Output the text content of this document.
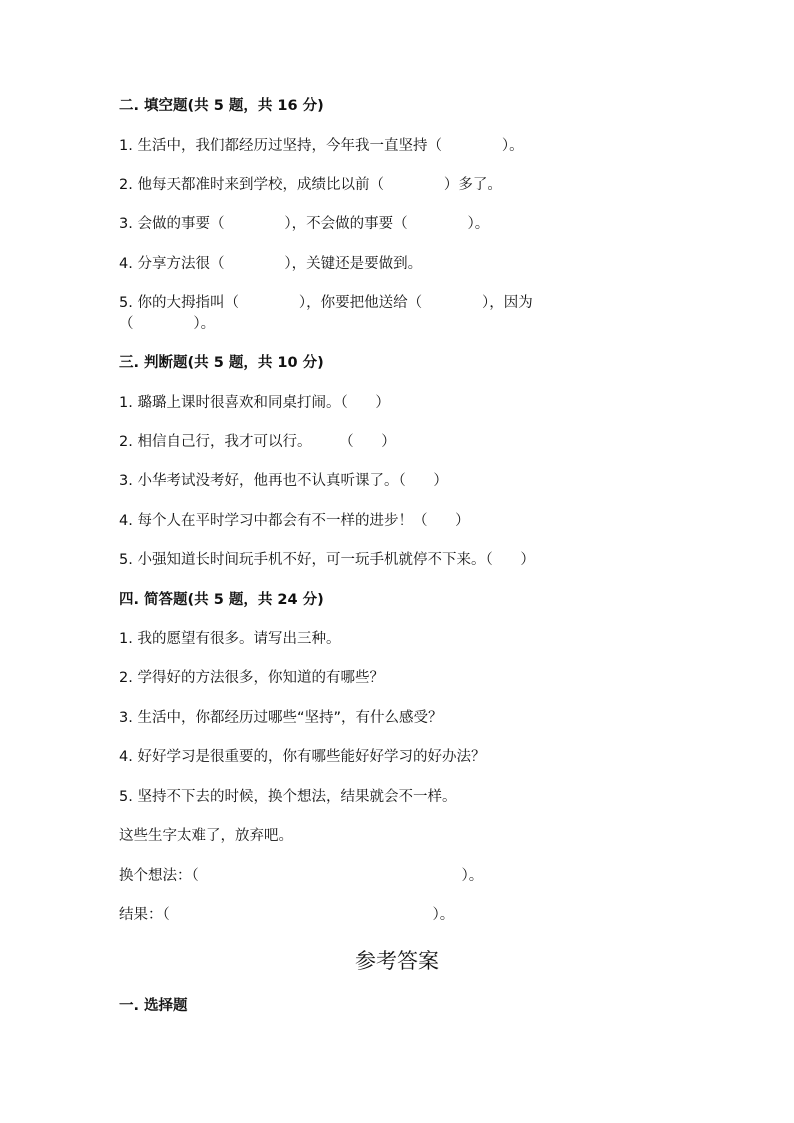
二. 填空题(共 5 题，共 16 分)
1. 生活中，我们都经历过坚持，今年我一直坚持（             ）。
2. 他每天都准时来到学校，成绩比以前（             ）多了。
3. 会做的事要（             ），不会做的事要（             ）。
4. 分享方法很（             ），关键还是要做到。
5. 你的大拇指叫（             ），你要把他送给（             ），因为
（             ）。
三. 判断题(共 5 题，共 10 分)
1. 璐璐上课时很喜欢和同桌打闹。（      ）
2. 相信自己行，我才可以行。      （      ）
3. 小华考试没考好，他再也不认真听课了。（      ）
4. 每个人在平时学习中都会有不一样的进步！（      ）
5. 小强知道长时间玩手机不好，可一玩手机就停不下来。（      ）
四. 简答题(共 5 题，共 24 分)
1. 我的愿望有很多。请写出三种。
2. 学得好的方法很多，你知道的有哪些？
3. 生活中，你都经历过哪些“坚持”，有什么感受？
4. 好好学习是很重要的，你有哪些能好好学习的好办法？
5. 坚持不下去的时候，换个想法，结果就会不一样。
这些生字太难了，放弃吧。
换个想法：（                                                         ）。
结果：（                                                         ）。
参考答案
一. 选择题
